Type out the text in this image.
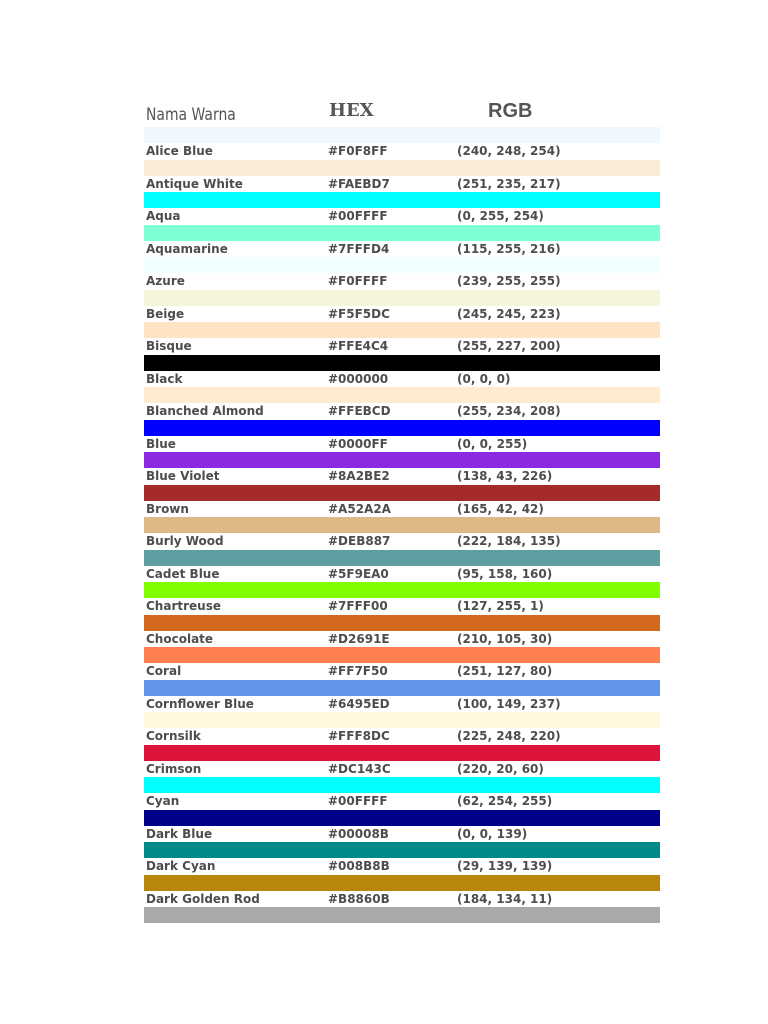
Nama Warna	HEX	RGB
Alice Blue	#F0F8FF	(240, 248, 254)
Antique White	#FAEBD7	(251, 235, 217)
Aqua	#00FFFF	(0, 255, 254)
Aquamarine	#7FFFD4	(115, 255, 216)
Azure	#F0FFFF	(239, 255, 255)
Beige	#F5F5DC	(245, 245, 223)
Bisque	#FFE4C4	(255, 227, 200)
Black	#000000	(0, 0, 0)
Blanched Almond	#FFEBCD	(255, 234, 208)
Blue	#0000FF	(0, 0, 255)
Blue Violet	#8A2BE2	(138, 43, 226)
Brown	#A52A2A	(165, 42, 42)
Burly Wood	#DEB887	(222, 184, 135)
Cadet Blue	#5F9EA0	(95, 158, 160)
Chartreuse	#7FFF00	(127, 255, 1)
Chocolate	#D2691E	(210, 105, 30)
Coral	#FF7F50	(251, 127, 80)
Cornflower Blue	#6495ED	(100, 149, 237)
Cornsilk	#FFF8DC	(225, 248, 220)
Crimson	#DC143C	(220, 20, 60)
Cyan	#00FFFF	(62, 254, 255)
Dark Blue	#00008B	(0, 0, 139)
Dark Cyan	#008B8B	(29, 139, 139)
Dark Golden Rod	#B8860B	(184, 134, 11)
